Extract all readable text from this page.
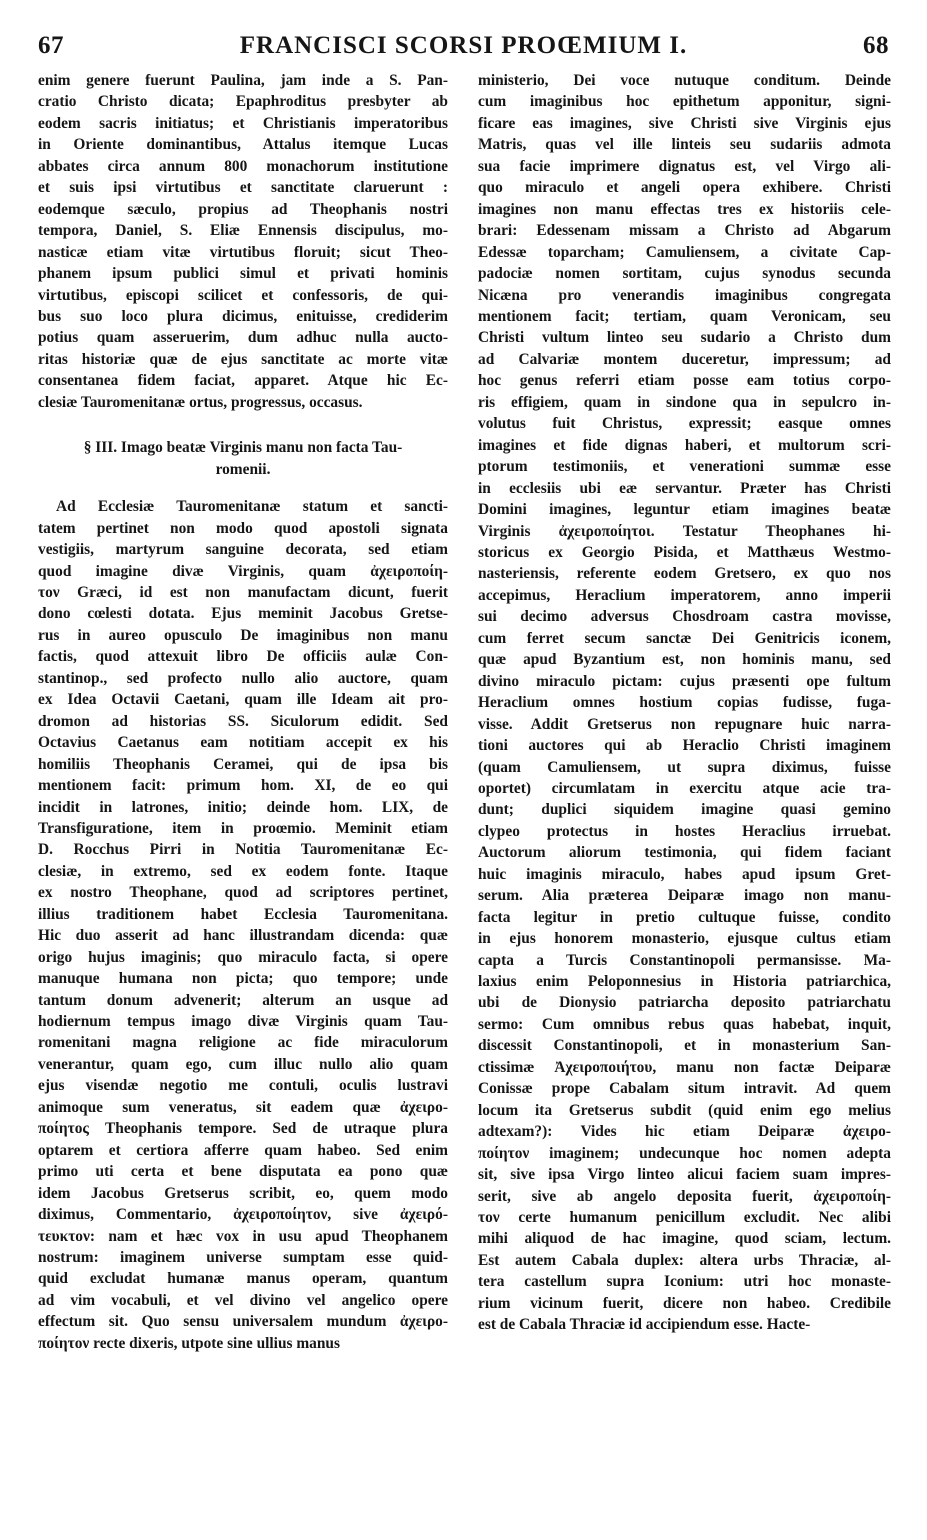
67	FRANCISCI SCORSI PROŒMIUM I.	68
enim genere fuerunt Paulina, jam inde a S. Pan-
cratio Christo dicata; Epaphroditus presbyter ab
eodem sacris initiatus; et Christianis imperatoribus
in Oriente dominantibus, Attalus itemque Lucas
abbates circa annum 800 monachorum institutione
et suis ipsi virtutibus et sanctitate claruerunt :
eodemque sæculo, propius ad Theophanis nostri
tempora, Daniel, S. Eliæ Ennensis discipulus, mo-
nasticæ etiam vitæ virtutibus floruit; sicut Theo-
phanem ipsum publici simul et privati hominis
virtutibus, episcopi scilicet et confessoris, de qui-
bus suo loco plura dicimus, enituisse, crediderim
potius quam asseruerim, dum adhuc nulla aucto-
ritas historiæ quæ de ejus sanctitate ac morte vitæ
consentanea fidem faciat, apparet. Atque hic Ec-
clesiæ Tauromenitanæ ortus, progressus, occasus.
§ III. Imago beatæ Virginis manu non facta Tau-
romenii.
Ad Ecclesiæ Tauromenitanæ statum et sancti-
tatem pertinet non modo quod apostoli signata
vestigiis, martyrum sanguine decorata, sed etiam
quod imagine divæ Virginis, quam ἀχειροποίη-
τον Græci, id est non manufactam dicunt, fuerit
dono cœlesti dotata. Ejus meminit Jacobus Gretse-
rus in aureo opusculo De imaginibus non manu
factis, quod attexuit libro De officiis aulæ Con-
stantinop., sed profecto nullo alio auctore, quam
ex Idea Octavii Caetani, quam ille Ideam ait pro-
dromon ad historias SS. Siculorum edidit. Sed
Octavius Caetanus eam notitiam accepit ex his
homiliis Theophanis Cerameі, qui de ipsa bis
mentionem facit: primum hom. XI, de eo qui
incidit in latrones, initio; deinde hom. LIX, de
Transfiguratione, item in proœmio. Meminit etiam
D. Rocchus Pirri in Notitia Tauromenitanæ Ec-
clesiæ, in extremo, sed ex eodem fonte. Itaque
ex nostro Theophane, quod ad scriptores pertinet,
illius traditionem habet Ecclesia Tauromenitana.
Hic duo asserit ad hanc illustrandam dicenda: quæ
origo hujus imaginis; quo miraculo facta, si opere
manuque humana non picta; quo tempore; unde
tantum donum advenerit; alterum an usque ad
hodiernum tempus imago divæ Virginis quam Tau-
romenitani magna religione ac fide miraculorum
venerantur, quam ego, cum illuc nullo alio quam
ejus visendæ negotio me contuli, oculis lustravi
animoque sum veneratus, sit eadem quæ ἀχειρο-
ποίητος Theophanis tempore. Sed de utraque plura
optarem et certiora afferre quam habeo. Sed enim
primo uti certa et bene disputata ea pono quæ
idem Jacobus Gretserus scribit, eo, quem modo
diximus, Commentario, ἀχειροποίητον, sive ἀχειρό-
τευκτον: nam et hæc vox in usu apud Theophanem
nostrum: imaginem universe sumptam esse quid-
quid excludat humanæ manus operam, quantum
ad vim vocabuli, et vel divino vel angelico opere
effectum sit. Quo sensu universalem mundum ἀχειρο-
ποίητον recte dixeris, utpote sine ullius manus
ministerio, Dei voce nutuque conditum. Deinde
cum imaginibus hoc epithetum apponitur, signi-
ficare eas imagines, sive Christi sive Virginis ejus
Matris, quas vel ille linteis seu sudariis admota
sua facie imprimere dignatus est, vel Virgo ali-
quo miraculo et angeli opera exhibere. Christi
imagines non manu effectas tres ex historiis cele-
brari: Edessenam missam a Christo ad Abgarum
Edessæ toparcham; Camuliensem, a civitate Cap-
padociæ nomen sortitam, cujus synodus secunda
Nicæna pro venerandis imaginibus congregata
mentionem facit; tertiam, quam Veronicam, seu
Christi vultum linteo seu sudario a Christo dum
ad Calvariæ montem duceretur, impressum; ad
hoc genus referri etiam posse eam totius corpo-
ris effigiem, quam in sindone qua in sepulcro in-
volutus fuit Christus, expressit; easque omnes
imagines et fide dignas haberi, et multorum scri-
ptorum testimoniis, et venerationi summæ esse
in ecclesiis ubi eæ servantur. Præter has Christi
Domini imagines, leguntur etiam imagines beatæ
Virginis ἀχειροποίητοι. Testatur Theophanes hi-
storicus ex Georgio Pisida, et Matthæus Westmo-
nasteriensis, referente eodem Gretsero, ex quo nos
accepimus, Heraclium imperatorem, anno imperii
sui decimo adversus Chosdroam castra movisse,
cum ferret secum sanctæ Dei Genitricis iconem,
quæ apud Byzantium est, non hominis manu, sed
divino miraculo pictam: cujus præsenti ope fultum
Heraclium omnes hostium copias fudisse, fuga-
visse. Addit Gretserus non repugnare huic narra-
tioni auctores qui ab Heraclio Christi imaginem
(quam Camuliensem, ut supra diximus, fuisse
oportet) circumlatam in exercitu atque acie tra-
dunt; duplici siquidem imagine quasi gemino
clypeo protectus in hostes Heraclius irruebat.
Auctorum aliorum testimonia, qui fidem faciant
huic imaginis miraculo, habes apud ipsum Gret-
serum. Alia præterea Deiparæ imago non manu-
facta legitur in pretio cultuque fuisse, condito
in ejus honorem monasterio, ejusque cultus etiam
capta a Turcis Constantinopoli permansisse. Ma-
laxius enim Peloponnesius in Historia patriarchica,
ubi de Dionysio patriarcha deposito patriarchatu
sermo: Cum omnibus rebus quas habebat, inquit,
discessit Constantinopoli, et in monasterium San-
ctissimæ Ἀχειροποιήτου, manu non factæ Deiparæ
Conissæ prope Cabalam situm intravit. Ad quem
locum ita Gretserus subdit (quid enim ego melius
adtexam?): Vides hic etiam Deiparæ ἀχειρο-
ποίητον imaginem; undecunque hoc nomen adepta
sit, sive ipsa Virgo linteo alicui faciem suam impres-
serit, sive ab angelo deposita fuerit, ἀχειροποίη-
τον certe humanum penicillum excludit. Nec alibi
mihi aliquod de hac imagine, quod sciam, lectum.
Est autem Cabala duplex: altera urbs Thraciæ, al-
tera castellum supra Iconium: utri hoc monaste-
rium vicinum fuerit, dicere non habeo. Credibile
est de Cabala Thraciæ id accipiendum esse. Hacte-
